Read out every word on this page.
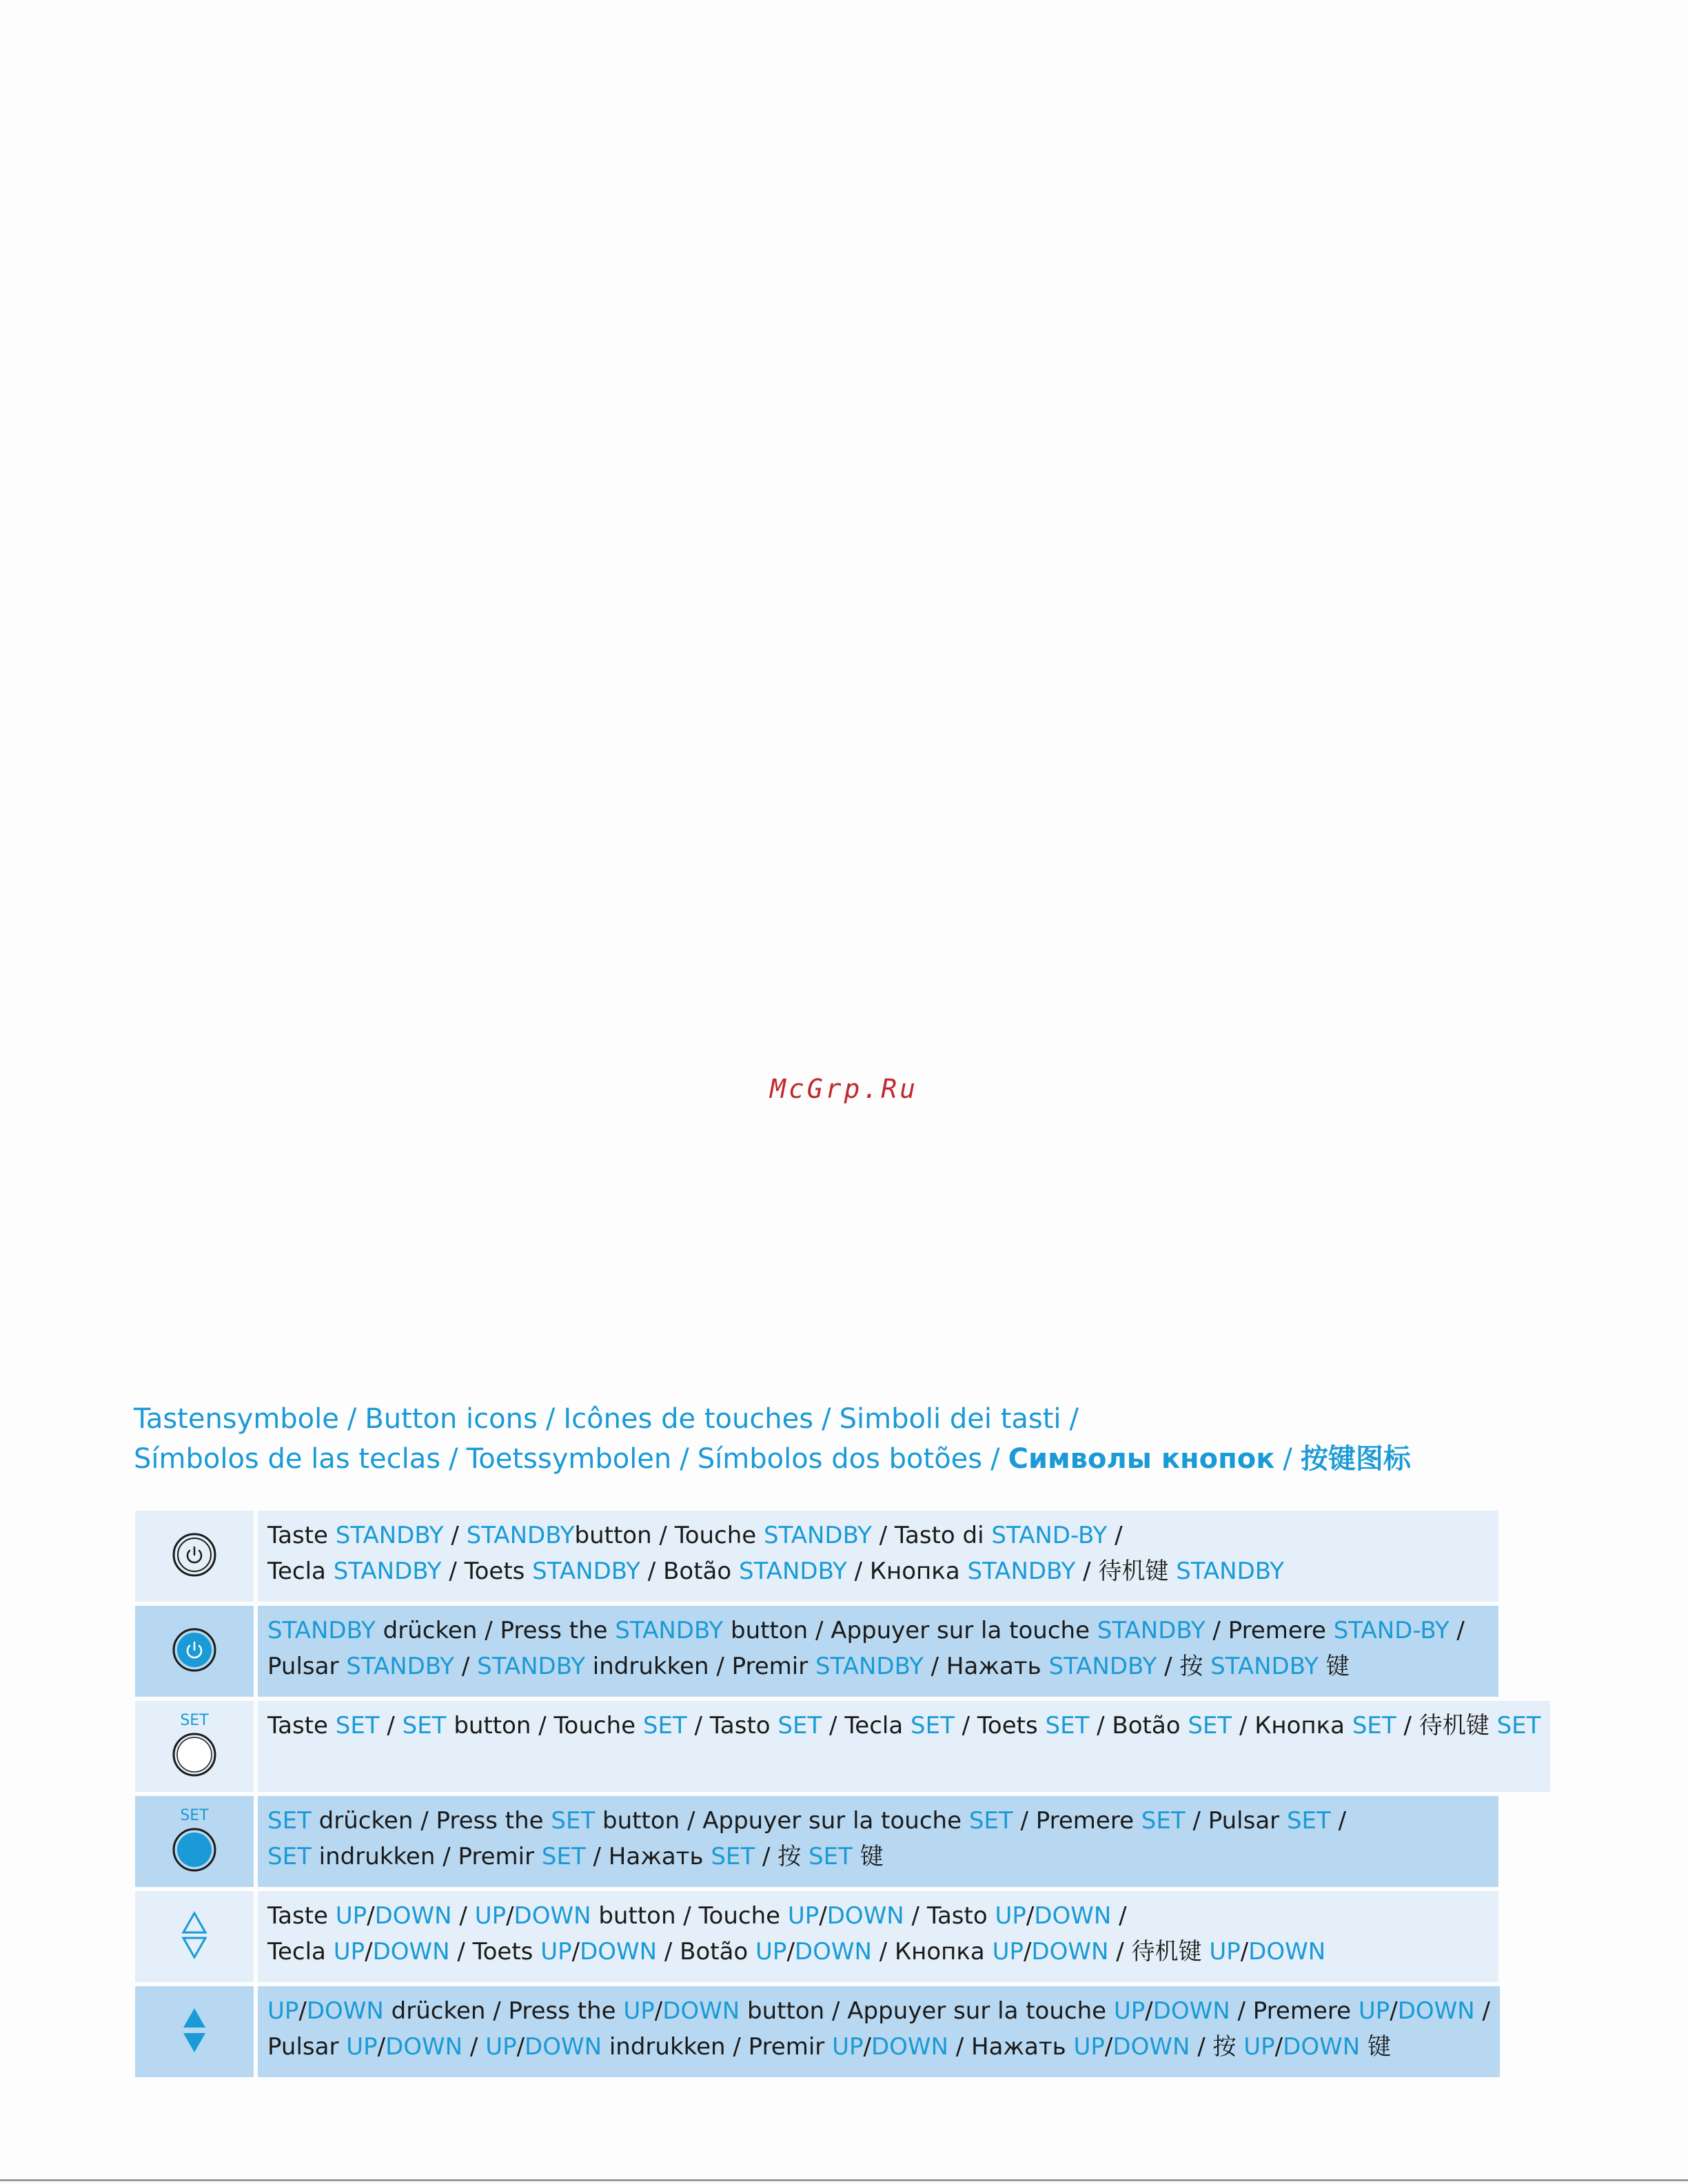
McGrp.Ru
Tastensymbole / Button icons / Icônes de touches / Simboli dei tasti /
Símbolos de las teclas / Toetssymbolen / Símbolos dos botões / Символы кнопок / 按键图标
Taste STANDBY / STANDBYbutton / Touche STANDBY / Tasto di STAND-BY /
Tecla STANDBY / Toets STANDBY / Botão STANDBY / Кнопка STANDBY / 待机键 STANDBY
STANDBY drücken / Press the STANDBY button / Appuyer sur la touche STANDBY / Premere STAND-BY /
Pulsar STANDBY / STANDBY indrukken / Premir STANDBY / Нажать STANDBY / 按 STANDBY 键
SET	Taste SET / SET button / Touche SET / Tasto SET / Tecla SET / Toets SET / Botão SET / Кнопка SET / 待机键 SET
SET	SET drücken / Press the SET button / Appuyer sur la touche SET / Premere SET / Pulsar SET /
SET indrukken / Premir SET / Нажать SET / 按 SET 键
Taste UP/DOWN / UP/DOWN button / Touche UP/DOWN / Tasto UP/DOWN /
Tecla UP/DOWN / Toets UP/DOWN / Botão UP/DOWN / Кнопка UP/DOWN / 待机键 UP/DOWN
UP/DOWN drücken / Press the UP/DOWN button / Appuyer sur la touche UP/DOWN / Premere UP/DOWN /
Pulsar UP/DOWN / UP/DOWN indrukken / Premir UP/DOWN / Нажать UP/DOWN / 按 UP/DOWN 键
